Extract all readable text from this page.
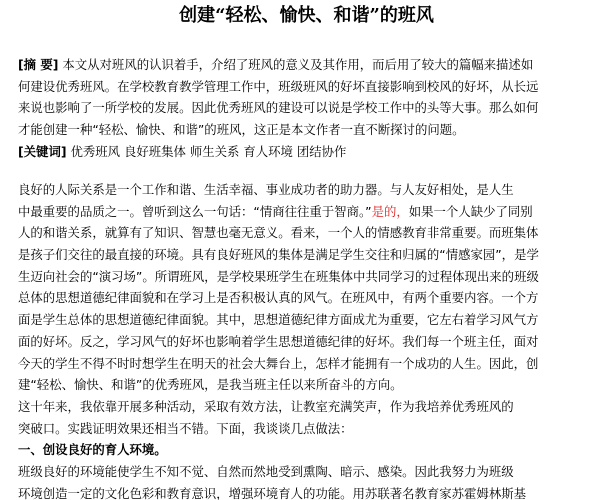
创建“轻松、愉快、和谐”的班风
[摘 要] 本文从对班风的认识着手，介绍了班风的意义及其作用，而后用了较大的篇幅来描述如
何建设优秀班风。在学校教育教学管理工作中，班级班风的好坏直接影响到校风的好坏，从长远
来说也影响了一所学校的发展。因此优秀班风的建设可以说是学校工作中的头等大事。那么如何
才能创建一种“轻松、愉快、和谐”的班风，这正是本文作者一直不断探讨的问题。
[关键词] 优秀班风 良好班集体 师生关系 育人环境 团结协作
良好的人际关系是一个工作和谐、生活幸福、事业成功者的助力器。与人友好相处，是人生
中最重要的品质之一。曾听到这么一句话：“情商往往重于智商。”是的，如果一个人缺少了同别
人的和谐关系，就算有了知识、智慧也毫无意义。看来，一个人的情感教育非常重要。而班集体
是孩子们交往的最直接的环境。具有良好班风的集体是满足学生交往和归属的“情感家园”，是学
生迈向社会的“演习场”。所谓班风，是学校果班学生在班集体中共同学习的过程体现出来的班级
总体的思想道德纪律面貌和在学习上是否积极认真的风气。在班风中，有两个重要内容。一个方
面是学生总体的思想道德纪律面貌。其中，思想道德纪律方面成尤为重要，它左右着学习风气方
面的好坏。反之，学习风气的好坏也影响着学生思想道德纪律的好坏。我们每一个班主任，面对
今天的学生不得不时时想学生在明天的社会大舞台上，怎样才能拥有一个成功的人生。因此，创
建“轻松、愉快、和谐”的优秀班风，是我当班主任以来所奋斗的方向。
这十年来，我依靠开展多种活动，采取有效方法，让教室充满笑声，作为我培养优秀班风的
突破口。实践证明效果还相当不错。下面，我谈谈几点做法：
一、创设良好的育人环境。
班级良好的环境能使学生不知不觉、自然而然地受到熏陶、暗示、感染。因此我努力为班级
环境创造一定的文化色彩和教育意识，增强环境育人的功能。用苏联著名教育家苏霍姆林斯基
